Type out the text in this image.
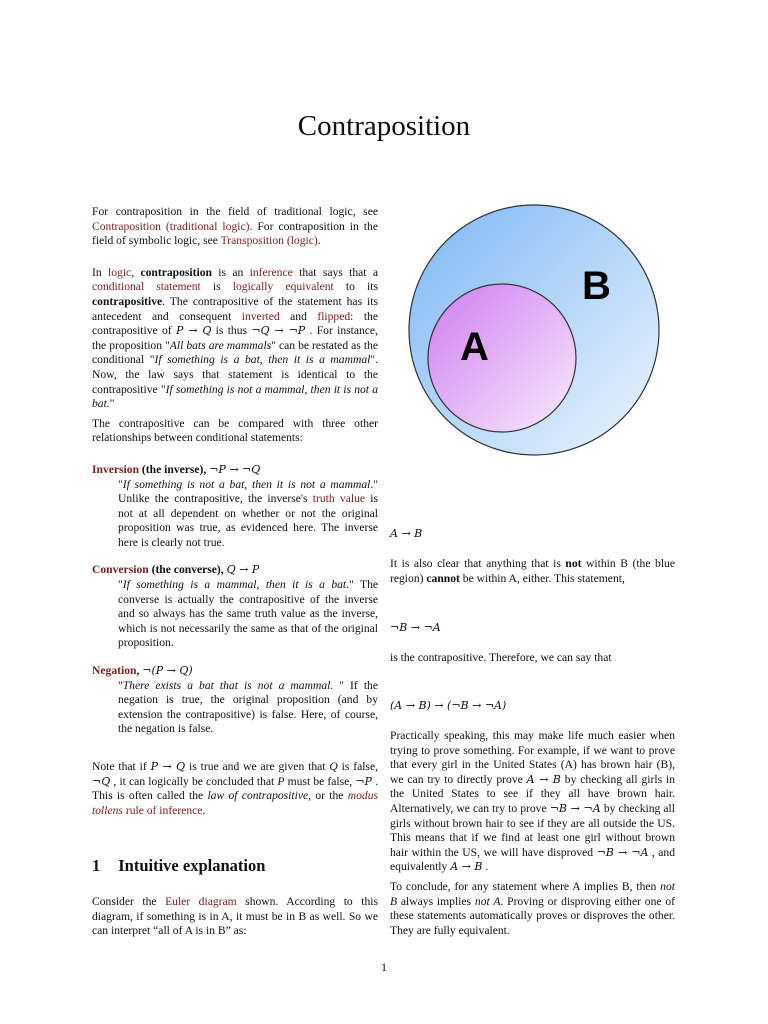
Contraposition

For contraposition in the field of traditional logic, see Contraposition (traditional logic). For contraposition in the field of symbolic logic, see Transposition (logic).

In logic, contraposition is an inference that says that a conditional statement is logically equivalent to its contrapositive. The contrapositive of the statement has its antecedent and consequent inverted and flipped: the contrapositive of P → Q is thus ¬Q → ¬P . For instance, the proposition "All bats are mammals" can be restated as the conditional "If something is a bat, then it is a mammal". Now, the law says that statement is identical to the contrapositive "If something is not a mammal, then it is not a bat."

The contrapositive can be compared with three other relationships between conditional statements:

Inversion (the inverse), ¬P → ¬Q

"If something is not a bat, then it is not a mammal." Unlike the contrapositive, the inverse's truth value is not at all dependent on whether or not the original proposition was true, as evidenced here. The inverse here is clearly not true.

Conversion (the converse), Q → P

"If something is a mammal, then it is a bat." The converse is actually the contrapositive of the inverse and so always has the same truth value as the inverse, which is not necessarily the same as that of the original proposition.

Negation, ¬(P → Q)

"There exists a bat that is not a mammal. " If the negation is true, the original proposition (and by extension the contrapositive) is false. Here, of course, the negation is false.

Note that if P → Q is true and we are given that Q is false, ¬Q , it can logically be concluded that P must be false, ¬P . This is often called the law of contrapositive, or the modus tollens rule of inference.

1 Intuitive explanation

Consider the Euler diagram shown. According to this diagram, if something is in A, it must be in B as well. So we can interpret “all of A is in B” as:

B
A
A → B

It is also clear that anything that is not within B (the blue region) cannot be within A, either. This statement,

¬B → ¬A

is the contrapositive. Therefore, we can say that

(A → B) → (¬B → ¬A)

Practically speaking, this may make life much easier when trying to prove something. For example, if we want to prove that every girl in the United States (A) has brown hair (B), we can try to directly prove A → B by checking all girls in the United States to see if they all have brown hair. Alternatively, we can try to prove ¬B → ¬A by checking all girls without brown hair to see if they are all outside the US. This means that if we find at least one girl without brown hair within the US, we will have disproved ¬B → ¬A , and equivalently A → B .

To conclude, for any statement where A implies B, then not B always implies not A. Proving or disproving either one of these statements automatically proves or disproves the other. They are fully equivalent.

1
